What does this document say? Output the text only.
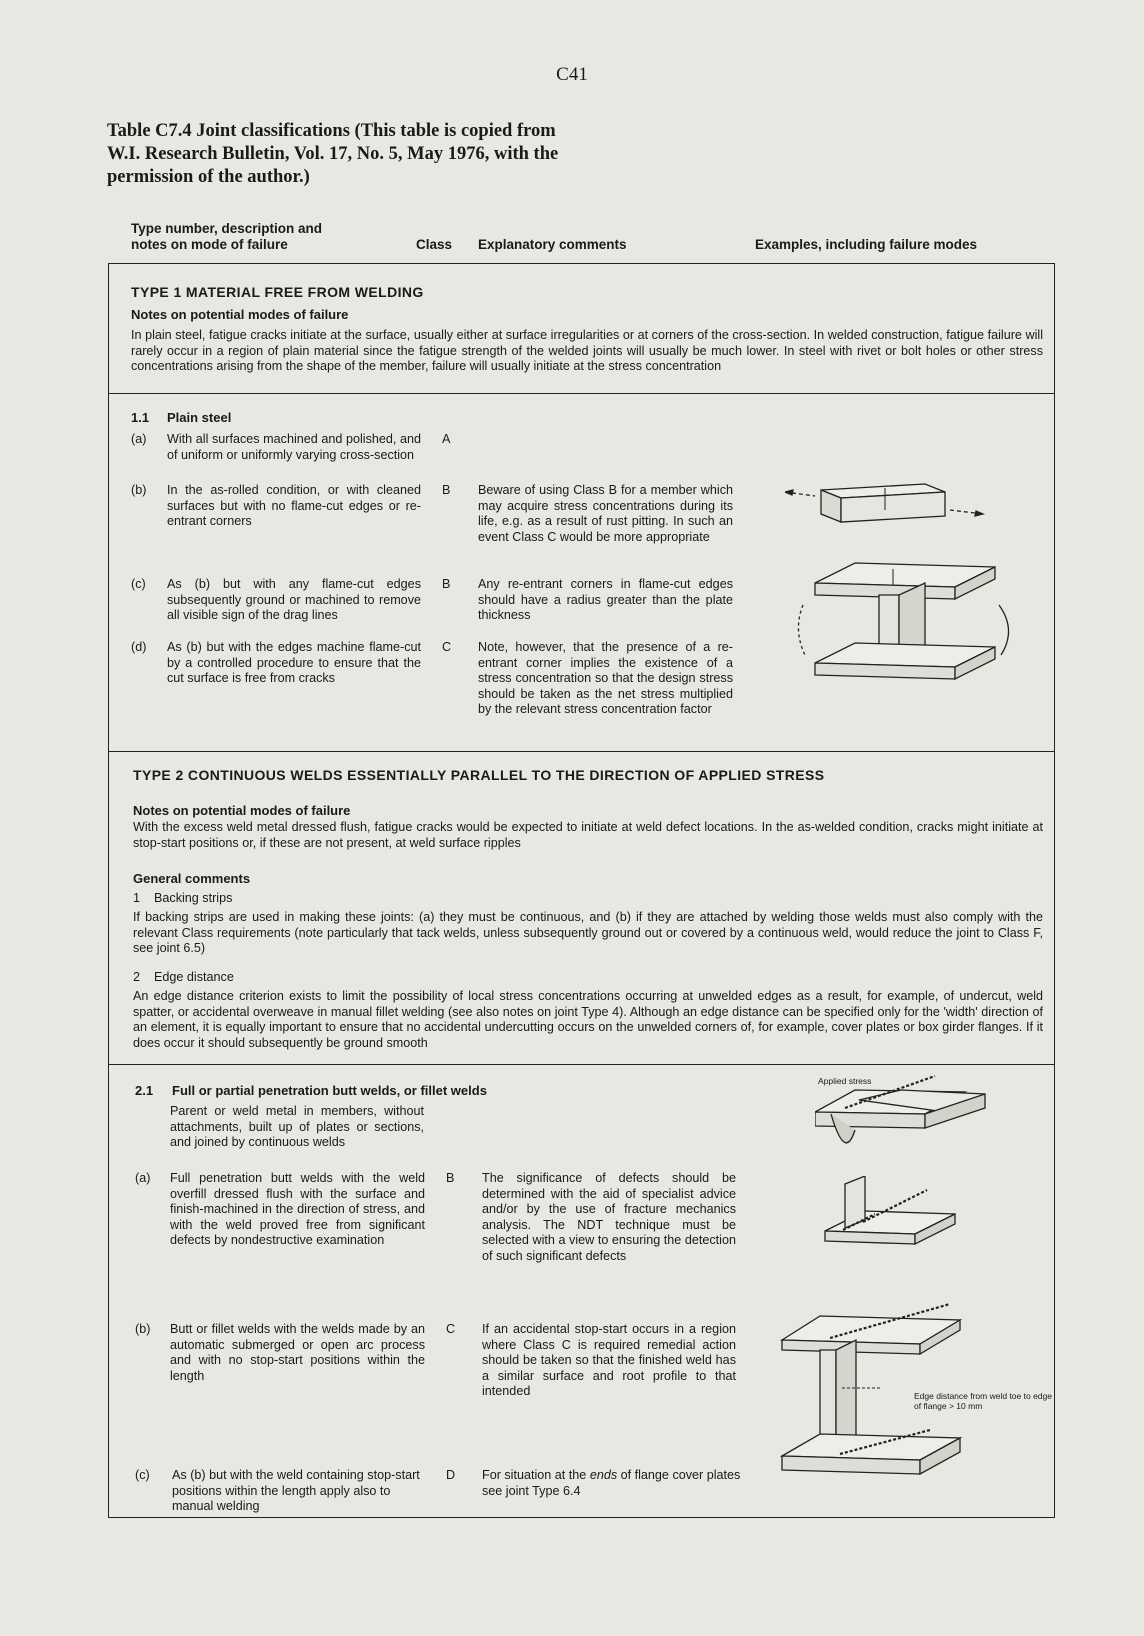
C41
Table C7.4 Joint classifications (This table is copied from W.I. Research Bulletin, Vol. 17, No. 5, May 1976, with the permission of the author.)
Type number, description and
notes on mode of failure	Class Explanatory comments	Examples, including failure modes
TYPE 1 MATERIAL FREE FROM WELDING
Notes on potential modes of failure
In plain steel, fatigue cracks initiate at the surface, usually either at surface irregularities or at corners of the cross-section. In welded construction, fatigue failure will rarely occur in a region of plain material since the fatigue strength of the welded joints will usually be much lower. In steel with rivet or bolt holes or other stress concentrations arising from the shape of the member, failure will usually initiate at the stress concentration
1.1 Plain steel
(a) With all surfaces machined and polished, and of uniform or uniformly varying cross-section
A
(b) In the as-rolled condition, or with cleaned surfaces but with no flame-cut edges or re-entrant corners
B Beware of using Class B for a member which may acquire stress concentrations during its life, e.g. as a result of rust pitting. In such an event Class C would be more appropriate
(c) As (b) but with any flame-cut edges subsequently ground or machined to remove all visible sign of the drag lines
B Any re-entrant corners in flame-cut edges should have a radius greater than the plate thickness
(d) As (b) but with the edges machine flame-cut by a controlled procedure to ensure that the cut surface is free from cracks
C Note, however, that the presence of a re-entrant corner implies the existence of a stress concentration so that the design stress should be taken as the net stress multiplied by the relevant stress concentration factor
TYPE 2 CONTINUOUS WELDS ESSENTIALLY PARALLEL TO THE DIRECTION OF APPLIED STRESS
Notes on potential modes of failure
With the excess weld metal dressed flush, fatigue cracks would be expected to initiate at weld defect locations. In the as-welded condition, cracks might initiate at stop-start positions or, if these are not present, at weld surface ripples
General comments
1    Backing strips
If backing strips are used in making these joints: (a) they must be continuous, and (b) if they are attached by welding those welds must also comply with the relevant Class requirements (note particularly that tack welds, unless subsequently ground out or covered by a continuous weld, would reduce the joint to Class F, see joint 6.5)
2    Edge distance
An edge distance criterion exists to limit the possibility of local stress concentrations occurring at unwelded edges as a result, for example, of undercut, weld spatter, or accidental overweave in manual fillet welding (see also notes on joint Type 4). Although an edge distance can be specified only for the 'width' direction of an element, it is equally important to ensure that no accidental undercutting occurs on the unwelded corners of, for example, cover plates or box girder flanges. If it does occur it should subsequently be ground smooth
2.1 Full or partial penetration butt welds, or fillet welds
Parent or weld metal in members, without attachments, built up of plates or sections, and joined by continuous welds
(a) Full penetration butt welds with the weld overfill dressed flush with the surface and finish-machined in the direction of stress, and with the weld proved free from significant defects by nondestructive examination
B The significance of defects should be determined with the aid of specialist advice and/or by the use of fracture mechanics analysis. The NDT technique must be selected with a view to ensuring the detection of such significant defects
(b) Butt or fillet welds with the welds made by an automatic submerged or open arc process and with no stop-start positions within the length
C If an accidental stop-start occurs in a region where Class C is required remedial action should be taken so that the finished weld has a similar surface and root profile to that intended
(c) As (b) but with the weld containing stop-start positions within the length apply also to manual welding
D For situation at the ends of flange cover plates see joint Type 6.4
Applied stress
Edge distance from weld toe to edge of flange > 10 mm
